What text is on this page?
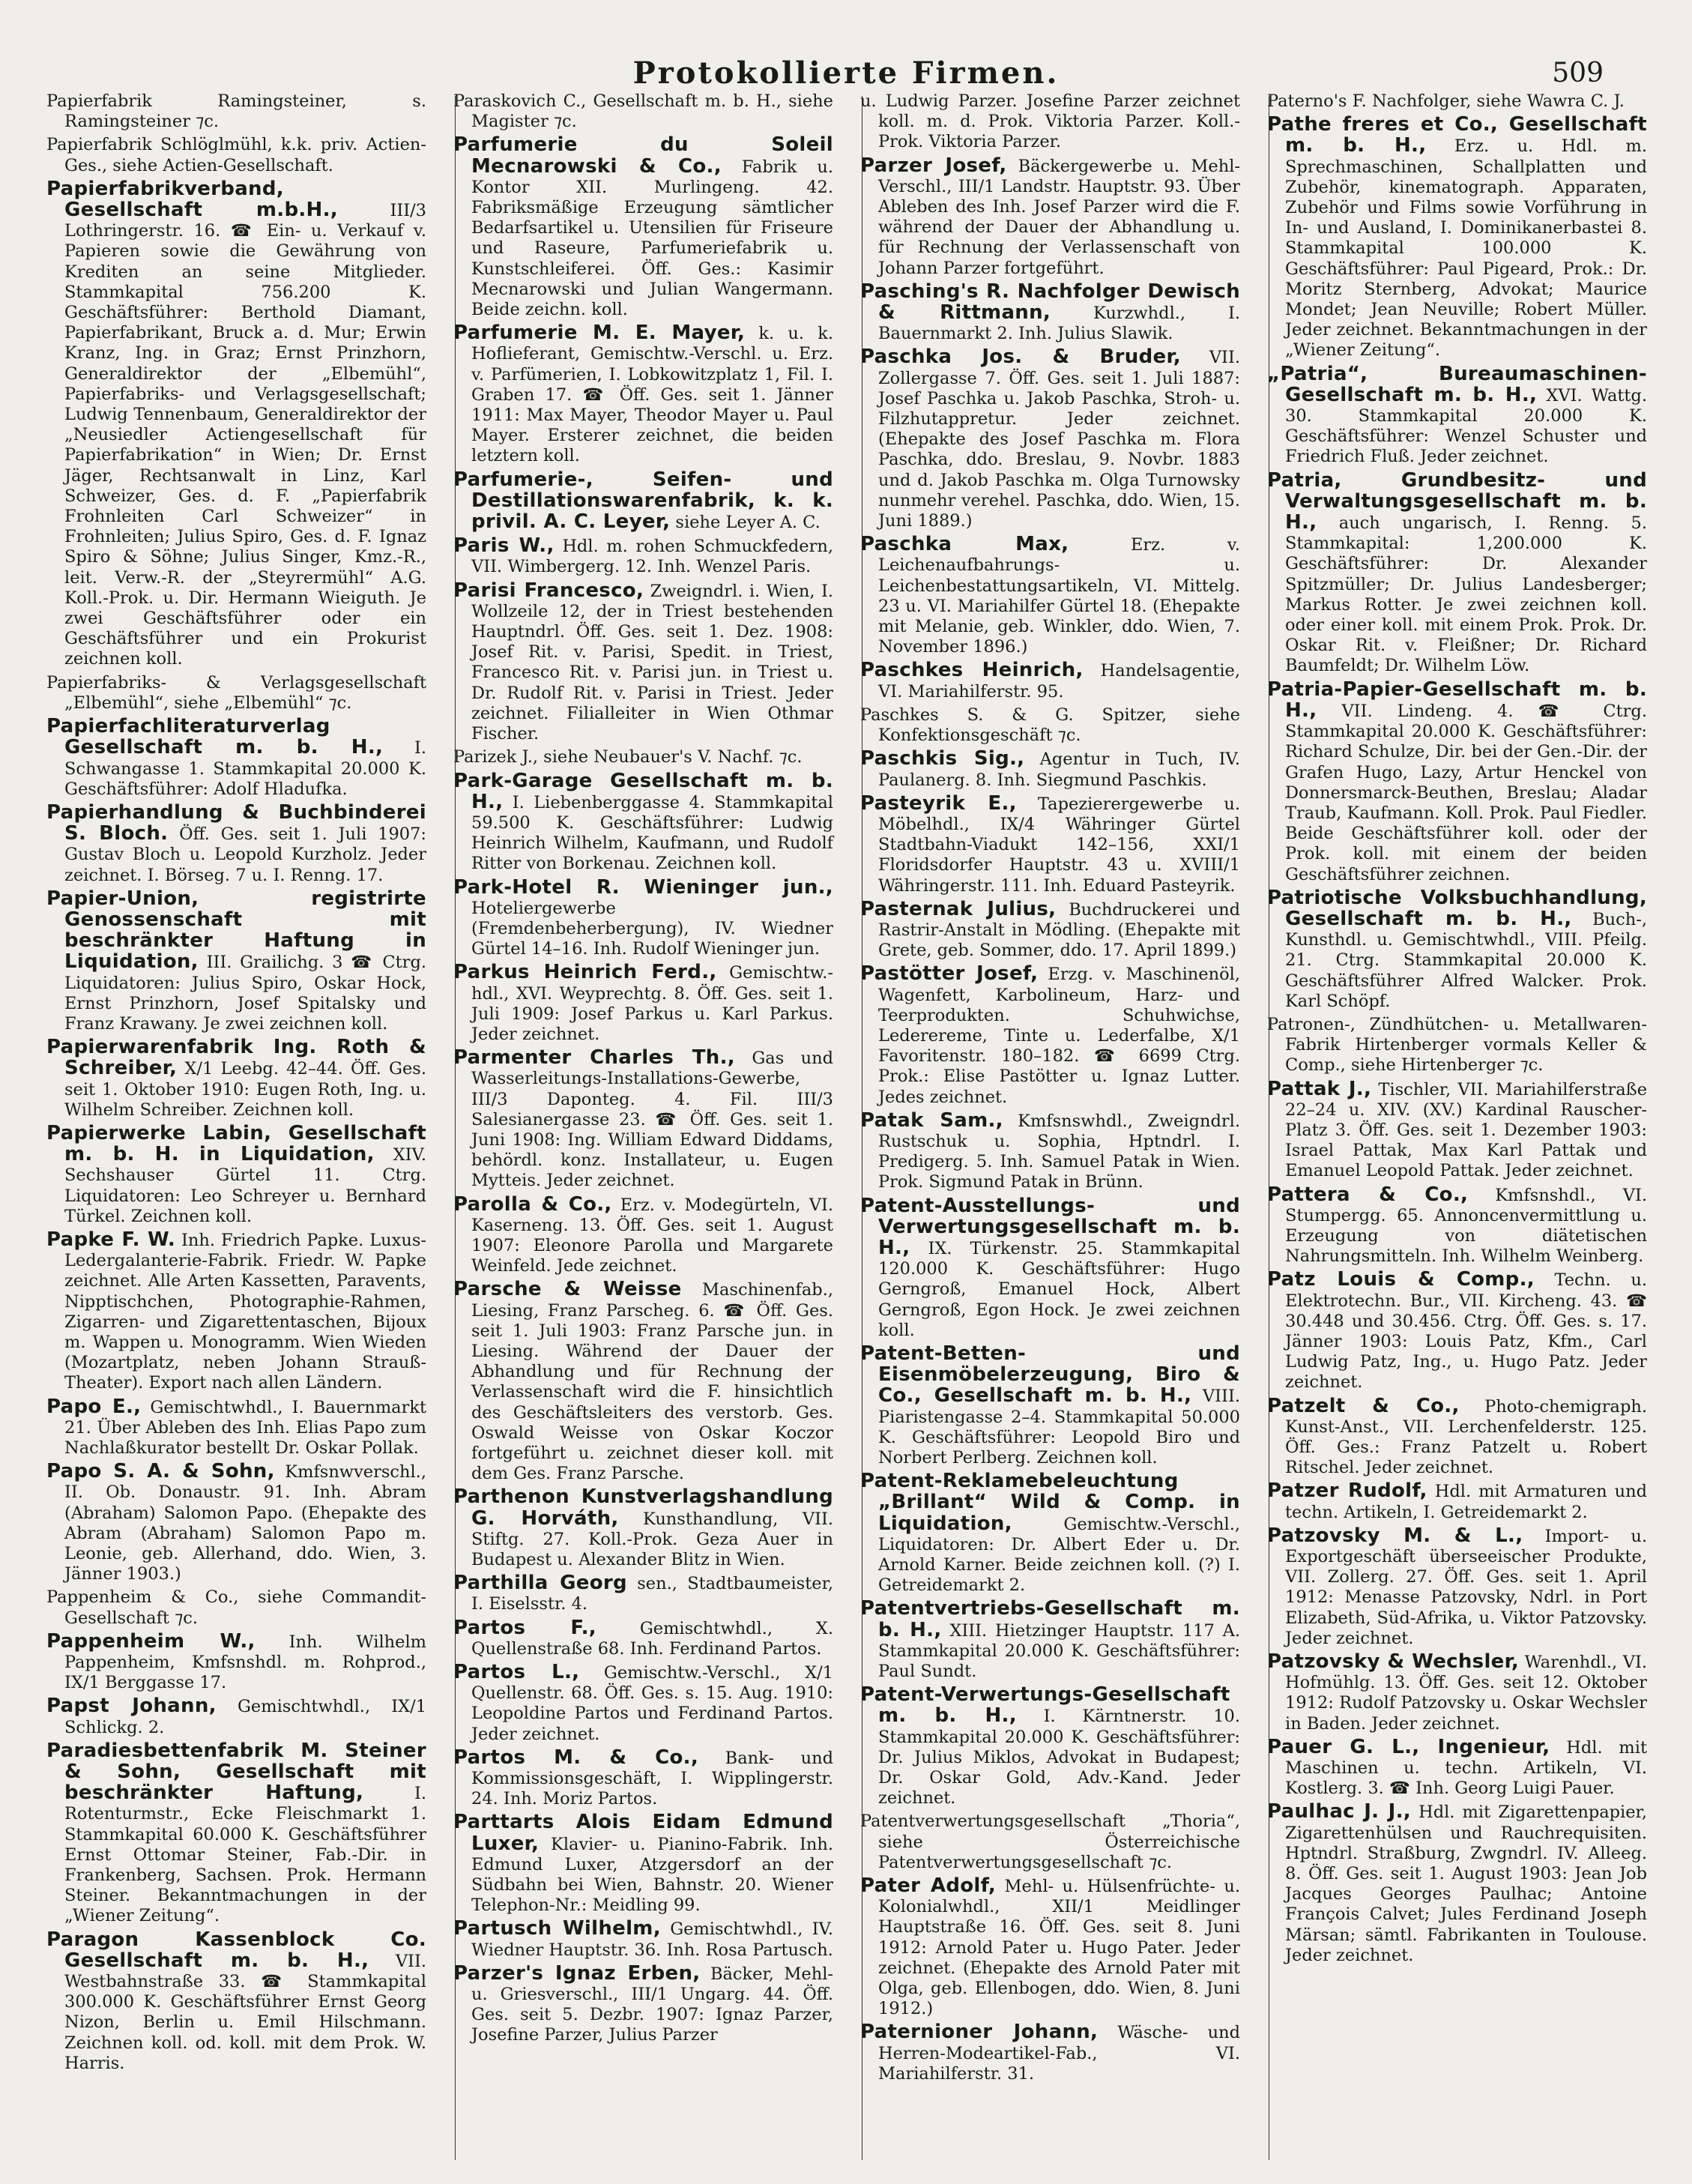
Protokollierte Firmen.	509
Papierfabrik Ramingsteiner, s. Ramingsteiner ⁊c.
Papierfabrik Schlöglmühl, k.k. priv. Actien-Ges., siehe Actien-Gesellschaft.
Papierfabrikverband, Gesellschaft m.b.H.,	III/3 Lothringerstr. 16. ☎ Ein- u. Verkauf v. Papieren sowie die Gewährung von Krediten an seine Mitglieder. Stammkapital 756.200 K. Geschäftsführer: Berthold Diamant, Papierfabrikant, Bruck a. d. Mur; Erwin Kranz, Ing. in Graz; Ernst Prinzhorn, Generaldirektor der „Elbemühl“, Papierfabriks- und Verlagsgesellschaft; Ludwig Tennenbaum, Generaldirektor der „Neusiedler Actiengesellschaft für Papierfabrikation“ in Wien; Dr. Ernst Jäger, Rechtsanwalt in Linz, Karl Schweizer, Ges. d. F. „Papierfabrik Frohnleiten Carl Schweizer“ in Frohnleiten; Julius Spiro, Ges. d. F. Ignaz Spiro & Söhne; Julius Singer, Kmz.-R., leit. Verw.-R. der „Steyrermühl“ A.G. Koll.-Prok. u. Dir. Hermann Wieiguth. Je zwei Geschäftsführer oder ein Geschäftsführer und ein Prokurist zeichnen koll.
Papierfabriks- & Verlagsgesellschaft „Elbemühl“, siehe „Elbemühl“ ⁊c.
Papierfachliteraturverlag Gesellschaft m. b. H., I. Schwangasse 1. Stammkapital 20.000 K. Geschäftsführer: Adolf Hladufka.
Papierhandlung & Buchbinderei S. Bloch. Öff. Ges. seit 1. Juli 1907: Gustav Bloch u. Leopold Kurzholz. Jeder zeichnet. I. Börseg. 7 u. I. Renng. 17.
Papier-Union, registrirte Genossenschaft mit beschränkter Haftung in Liquidation, III. Grailichg. 3 ☎ Ctrg. Liquidatoren: Julius Spiro, Oskar Hock, Ernst Prinzhorn, Josef Spitalsky und Franz Krawany. Je zwei zeichnen koll.
Papierwarenfabrik Ing. Roth & Schreiber, X/1 Leebg. 42–44. Öff. Ges. seit 1. Oktober 1910: Eugen Roth, Ing. u. Wilhelm Schreiber. Zeichnen koll.
Papierwerke Labin, Gesellschaft m. b. H. in Liquidation, XIV. Sechshauser Gürtel 11. Ctrg. Liquidatoren: Leo Schreyer u. Bernhard Türkel. Zeichnen koll.
Papke F. W. Inh. Friedrich Papke. Luxus-Ledergalanterie-Fabrik. Friedr. W. Papke zeichnet. Alle Arten Kassetten, Paravents, Nipptischchen, Photographie-Rahmen, Zigarren- und Zigarettentaschen, Bijoux m. Wappen u. Monogramm. Wien Wieden (Mozartplatz, neben Johann Strauß-Theater). Export nach allen Ländern.
Papo E., Gemischtwhdl., I. Bauernmarkt 21. Über Ableben des Inh. Elias Papo zum Nachlaßkurator bestellt Dr. Oskar Pollak.
Papo S. A. & Sohn, Kmfsnwverschl., II. Ob. Donaustr. 91. Inh. Abram (Abraham) Salomon Papo. (Ehepakte des Abram (Abraham) Salomon Papo m. Leonie, geb. Allerhand, ddo. Wien, 3. Jänner 1903.)
Pappenheim & Co., siehe Commandit-Gesellschaft ⁊c.
Pappenheim W., Inh. Wilhelm Pappenheim, Kmfsnshdl. m. Rohprod., IX/1 Berggasse 17.
Papst Johann, Gemischtwhdl., IX/1 Schlickg. 2.
Paradiesbettenfabrik M. Steiner & Sohn, Gesellschaft mit beschränkter Haftung,	I. Rotenturmstr., Ecke Fleischmarkt 1. Stammkapital 60.000 K. Geschäftsführer Ernst Ottomar Steiner, Fab.-Dir. in Frankenberg, Sachsen. Prok. Hermann Steiner. Bekanntmachungen in der „Wiener Zeitung“.
Paragon Kassenblock Co. Gesellschaft m. b. H., VII. Westbahnstraße 33. ☎ Stammkapital 300.000 K. Geschäftsführer Ernst Georg Nizon, Berlin u. Emil Hilschmann. Zeichnen koll. od. koll. mit dem Prok. W. Harris.
Paraskovich C., Gesellschaft m. b. H., siehe Magister ⁊c.
Parfumerie du Soleil Mecnarowski & Co., Fabrik u. Kontor XII. Murlingeng. 42. Fabriksmäßige Erzeugung sämtlicher Bedarfsartikel u. Utensilien für Friseure und Raseure, Parfumeriefabrik u. Kunstschleiferei. Öff. Ges.: Kasimir Mecnarowski und Julian Wangermann. Beide zeichn. koll.
Parfumerie M. E. Mayer, k. u. k. Hoflieferant, Gemischtw.-Verschl. u. Erz. v. Parfümerien, I. Lobkowitzplatz 1, Fil. I. Graben 17. ☎ Öff. Ges. seit 1. Jänner 1911: Max Mayer, Theodor Mayer u. Paul Mayer. Ersterer zeichnet, die beiden letztern koll.
Parfumerie-, Seifen- und Destillationswarenfabrik, k. k. privil. A. C. Leyer, siehe Leyer A. C.
Paris W., Hdl. m. rohen Schmuckfedern, VII. Wimbergerg. 12. Inh. Wenzel Paris.
Parisi Francesco, Zweigndrl. i. Wien, I. Wollzeile 12, der in Triest bestehenden Hauptndrl. Öff. Ges. seit 1. Dez. 1908: Josef Rit. v. Parisi, Spedit. in Triest, Francesco Rit. v. Parisi jun. in Triest u. Dr. Rudolf Rit. v. Parisi in Triest. Jeder zeichnet. Filialleiter in Wien Othmar Fischer.
Parizek J., siehe Neubauer's V. Nachf. ⁊c.
Park-Garage Gesellschaft m. b. H., I. Liebenberggasse 4. Stammkapital 59.500 K. Geschäftsführer: Ludwig Heinrich Wilhelm, Kaufmann, und Rudolf Ritter von Borkenau. Zeichnen koll.
Park-Hotel R. Wieninger jun., Hoteliergewerbe (Fremdenbeherbergung), IV. Wiedner Gürtel 14–16. Inh. Rudolf Wieninger jun.
Parkus Heinrich Ferd., Gemischtw.-hdl., XVI. Weyprechtg. 8. Öff. Ges. seit 1. Juli 1909: Josef Parkus u. Karl Parkus. Jeder zeichnet.
Parmenter Charles Th., Gas und Wasserleitungs-Installations-Gewerbe, III/3 Daponteg. 4. Fil. III/3 Salesianergasse 23. ☎ Öff. Ges. seit 1. Juni 1908: Ing. William Edward Diddams, behördl. konz. Installateur, u. Eugen Mytteis. Jeder zeichnet.
Parolla & Co., Erz. v. Modegürteln, VI. Kaserneng. 13. Öff. Ges. seit 1. August 1907: Eleonore Parolla und Margarete Weinfeld. Jede zeichnet.
Parsche & Weisse Maschinenfab., Liesing, Franz Parscheg. 6. ☎ Öff. Ges. seit 1. Juli 1903: Franz Parsche jun. in Liesing. Während der Dauer der Abhandlung und für Rechnung der Verlassenschaft wird die F. hinsichtlich des Geschäftsleiters des verstorb. Ges. Oswald Weisse von Oskar Koczor fortgeführt u. zeichnet dieser koll. mit dem Ges. Franz Parsche.
Parthenon Kunstverlagshandlung G. Horváth, Kunsthandlung, VII. Stiftg. 27. Koll.-Prok. Geza Auer in Budapest u. Alexander Blitz in Wien.
Parthilla Georg sen., Stadtbaumeister, I. Eiselsstr. 4.
Partos F.,	Gemischtwhdl., X. Quellenstraße 68. Inh. Ferdinand Partos.
Partos L., Gemischtw.-Verschl., X/1 Quellenstr. 68. Öff. Ges. s. 15. Aug. 1910: Leopoldine Partos und Ferdinand Partos. Jeder zeichnet.
Partos M. & Co., Bank- und Kommissionsgeschäft, I. Wipplingerstr. 24. Inh. Moriz Partos.
Parttarts Alois Eidam Edmund Luxer, Klavier- u. Pianino-Fabrik. Inh. Edmund Luxer, Atzgersdorf an der Südbahn bei Wien, Bahnstr. 20. Wiener Telephon-Nr.: Meidling 99.
Partusch Wilhelm, Gemischtwhdl., IV. Wiedner Hauptstr. 36. Inh. Rosa Partusch.
Parzer's Ignaz Erben, Bäcker, Mehl- u. Griesverschl., III/1 Ungarg. 44. Öff. Ges. seit 5. Dezbr. 1907: Ignaz Parzer, Josefine Parzer, Julius Parzer
u. Ludwig Parzer. Josefine Parzer zeichnet koll. m. d. Prok. Viktoria Parzer. Koll.-Prok. Viktoria Parzer.
Parzer Josef, Bäckergewerbe u. Mehl-Verschl., III/1 Landstr. Hauptstr. 93. Über Ableben des Inh. Josef Parzer wird die F. während der Dauer der Abhandlung u. für Rechnung der Verlassenschaft von Johann Parzer fortgeführt.
Pasching's R. Nachfolger Dewisch & Rittmann,	Kurzwhdl., I. Bauernmarkt 2. Inh. Julius Slawik.
Paschka Jos. & Bruder, VII. Zollergasse 7. Öff. Ges. seit 1. Juli 1887: Josef Paschka u. Jakob Paschka, Stroh- u. Filzhutappretur. Jeder zeichnet. (Ehepakte des Josef Paschka m. Flora Paschka, ddo. Breslau, 9. Novbr. 1883 und d. Jakob Paschka m. Olga Turnowsky nunmehr verehel. Paschka, ddo. Wien, 15. Juni 1889.)
Paschka Max,	Erz. v. Leichenaufbahrungs- u. Leichenbestattungsartikeln, VI. Mittelg. 23 u. VI. Mariahilfer Gürtel 18. (Ehepakte mit Melanie, geb. Winkler, ddo. Wien, 7. November 1896.)
Paschkes Heinrich, Handelsagentie, VI. Mariahilferstr. 95.
Paschkes S. & G. Spitzer, siehe Konfektionsgeschäft ⁊c.
Paschkis Sig., Agentur in Tuch, IV. Paulanerg. 8. Inh. Siegmund Paschkis.
Pasteyrik E., Tapezierergewerbe u. Möbelhdl., IX/4 Währinger Gürtel Stadtbahn-Viadukt 142–156, XXI/1 Floridsdorfer Hauptstr. 43 u. XVIII/1 Währingerstr. 111. Inh. Eduard Pasteyrik.
Pasternak Julius, Buchdruckerei und Rastrir-Anstalt in Mödling. (Ehepakte mit Grete, geb. Sommer, ddo. 17. April 1899.)
Pastötter Josef, Erzg. v. Maschinenöl, Wagenfett, Karbolineum, Harz- und Teerprodukten. Schuhwichse, Lederereme, Tinte u. Lederfalbe, X/1 Favoritenstr. 180–182. ☎ 6699 Ctrg. Prok.: Elise Pastötter u. Ignaz Lutter. Jedes zeichnet.
Patak Sam., Kmfsnswhdl., Zweigndrl. Rustschuk u. Sophia, Hptndrl. I. Predigerg. 5. Inh. Samuel Patak in Wien. Prok. Sigmund Patak in Brünn.
Patent-Ausstellungs- und Verwertungsgesellschaft m. b. H., IX. Türkenstr. 25. Stammkapital 120.000 K. Geschäftsführer: Hugo Gerngroß, Emanuel Hock, Albert Gerngroß, Egon Hock. Je zwei zeichnen koll.
Patent-Betten- und Eisenmöbelerzeugung, Biro & Co., Gesellschaft m. b. H., VIII. Piaristengasse 2–4. Stammkapital 50.000 K. Geschäftsführer: Leopold Biro und Norbert Perlberg. Zeichnen koll.
Patent-Reklamebeleuchtung „Brillant“ Wild & Comp. in Liquidation,	Gemischtw.-Verschl., Liquidatoren: Dr. Albert Eder u. Dr. Arnold Karner. Beide zeichnen koll. (?) I. Getreidemarkt 2.
Patentvertriebs-Gesellschaft m. b. H., XIII. Hietzinger Hauptstr. 117 A. Stammkapital 20.000 K. Geschäftsführer: Paul Sundt.
Patent-Verwertungs-Gesellschaft m. b. H., I. Kärntnerstr. 10. Stammkapital 20.000 K. Geschäftsführer: Dr. Julius Miklos, Advokat in Budapest; Dr. Oskar Gold, Adv.-Kand. Jeder zeichnet.
Patentverwertungsgesellschaft „Thoria“, siehe Österreichische Patentverwertungsgesellschaft ⁊c.
Pater Adolf, Mehl- u. Hülsenfrüchte- u. Kolonialwhdl., XII/1 Meidlinger Hauptstraße 16. Öff. Ges. seit 8. Juni 1912: Arnold Pater u. Hugo Pater. Jeder zeichnet. (Ehepakte des Arnold Pater mit Olga, geb. Ellenbogen, ddo. Wien, 8. Juni 1912.)
Paternioner Johann, Wäsche- und Herren-Modeartikel-Fab., VI. Mariahilferstr. 31.
Paterno's F. Nachfolger, siehe Wawra C. J.
Pathe freres et Co., Gesellschaft m. b. H., Erz. u. Hdl. m. Sprechmaschinen, Schallplatten und Zubehör, kinematograph. Apparaten, Zubehör und Films sowie Vorführung in In- und Ausland, I. Dominikanerbastei 8. Stammkapital 100.000 K. Geschäftsführer: Paul Pigeard, Prok.: Dr. Moritz Sternberg, Advokat; Maurice Mondet; Jean Neuville; Robert Müller. Jeder zeichnet. Bekanntmachungen in der „Wiener Zeitung“.
„Patria“, Bureaumaschinen-Gesellschaft m. b. H., XVI. Wattg. 30. Stammkapital 20.000 K. Geschäftsführer: Wenzel Schuster und Friedrich Fluß. Jeder zeichnet.
Patria, Grundbesitz- und Verwaltungsgesellschaft m. b. H., auch ungarisch, I. Renng. 5. Stammkapital: 1,200.000 K. Geschäftsführer: Dr. Alexander Spitzmüller; Dr. Julius Landesberger; Markus Rotter. Je zwei zeichnen koll. oder einer koll. mit einem Prok. Prok. Dr. Oskar Rit. v. Fleißner; Dr. Richard Baumfeldt; Dr. Wilhelm Löw.
Patria-Papier-Gesellschaft m. b. H., VII. Lindeng. 4. ☎ Ctrg. Stammkapital 20.000 K. Geschäftsführer: Richard Schulze, Dir. bei der Gen.-Dir. der Grafen Hugo, Lazy, Artur Henckel von Donnersmarck-Beuthen, Breslau; Aladar Traub, Kaufmann. Koll. Prok. Paul Fiedler. Beide Geschäftsführer koll. oder der Prok. koll. mit einem der beiden Geschäftsführer zeichnen.
Patriotische Volksbuchhandlung, Gesellschaft m. b. H., Buch-, Kunsthdl. u. Gemischtwhdl., VIII. Pfeilg. 21. Ctrg. Stammkapital 20.000 K. Geschäftsführer Alfred Walcker. Prok. Karl Schöpf.
Patronen-, Zündhütchen- u. Metallwaren-Fabrik Hirtenberger vormals Keller & Comp., siehe Hirtenberger ⁊c.
Pattak J., Tischler, VII. Mariahilferstraße 22–24 u. XIV. (XV.) Kardinal Rauscher-Platz 3. Öff. Ges. seit 1. Dezember 1903: Israel Pattak, Max Karl Pattak und Emanuel Leopold Pattak. Jeder zeichnet.
Pattera & Co., Kmfsnshdl., VI. Stumpergg. 65. Annoncenvermittlung u. Erzeugung von diätetischen Nahrungsmitteln. Inh. Wilhelm Weinberg.
Patz Louis & Comp., Techn. u. Elektrotechn. Bur., VII. Kircheng. 43. ☎ 30.448 und 30.456. Ctrg. Öff. Ges. s. 17. Jänner 1903: Louis Patz, Kfm., Carl Ludwig Patz, Ing., u. Hugo Patz. Jeder zeichnet.
Patzelt & Co., Photo-chemigraph. Kunst-Anst., VII. Lerchenfelderstr. 125. Öff. Ges.: Franz Patzelt u. Robert Ritschel. Jeder zeichnet.
Patzer Rudolf, Hdl. mit Armaturen und techn. Artikeln, I. Getreidemarkt 2.
Patzovsky M. & L., Import- u. Exportgeschäft überseeischer Produkte, VII. Zollerg. 27. Öff. Ges. seit 1. April 1912: Menasse Patzovsky, Ndrl. in Port Elizabeth, Süd-Afrika, u. Viktor Patzovsky. Jeder zeichnet.
Patzovsky & Wechsler, Warenhdl., VI. Hofmühlg. 13. Öff. Ges. seit 12. Oktober 1912: Rudolf Patzovsky u. Oskar Wechsler in Baden. Jeder zeichnet.
Pauer G. L., Ingenieur, Hdl. mit Maschinen u. techn. Artikeln, VI. Kostlerg. 3. ☎ Inh. Georg Luigi Pauer.
Paulhac J. J., Hdl. mit Zigarettenpapier, Zigarettenhülsen und Rauchrequisiten. Hptndrl. Straßburg, Zwgndrl. IV. Alleeg. 8. Öff. Ges. seit 1. August 1903: Jean Job Jacques Georges Paulhac; Antoine François Calvet; Jules Ferdinand Joseph Märsan; sämtl. Fabrikanten in Toulouse. Jeder zeichnet.
